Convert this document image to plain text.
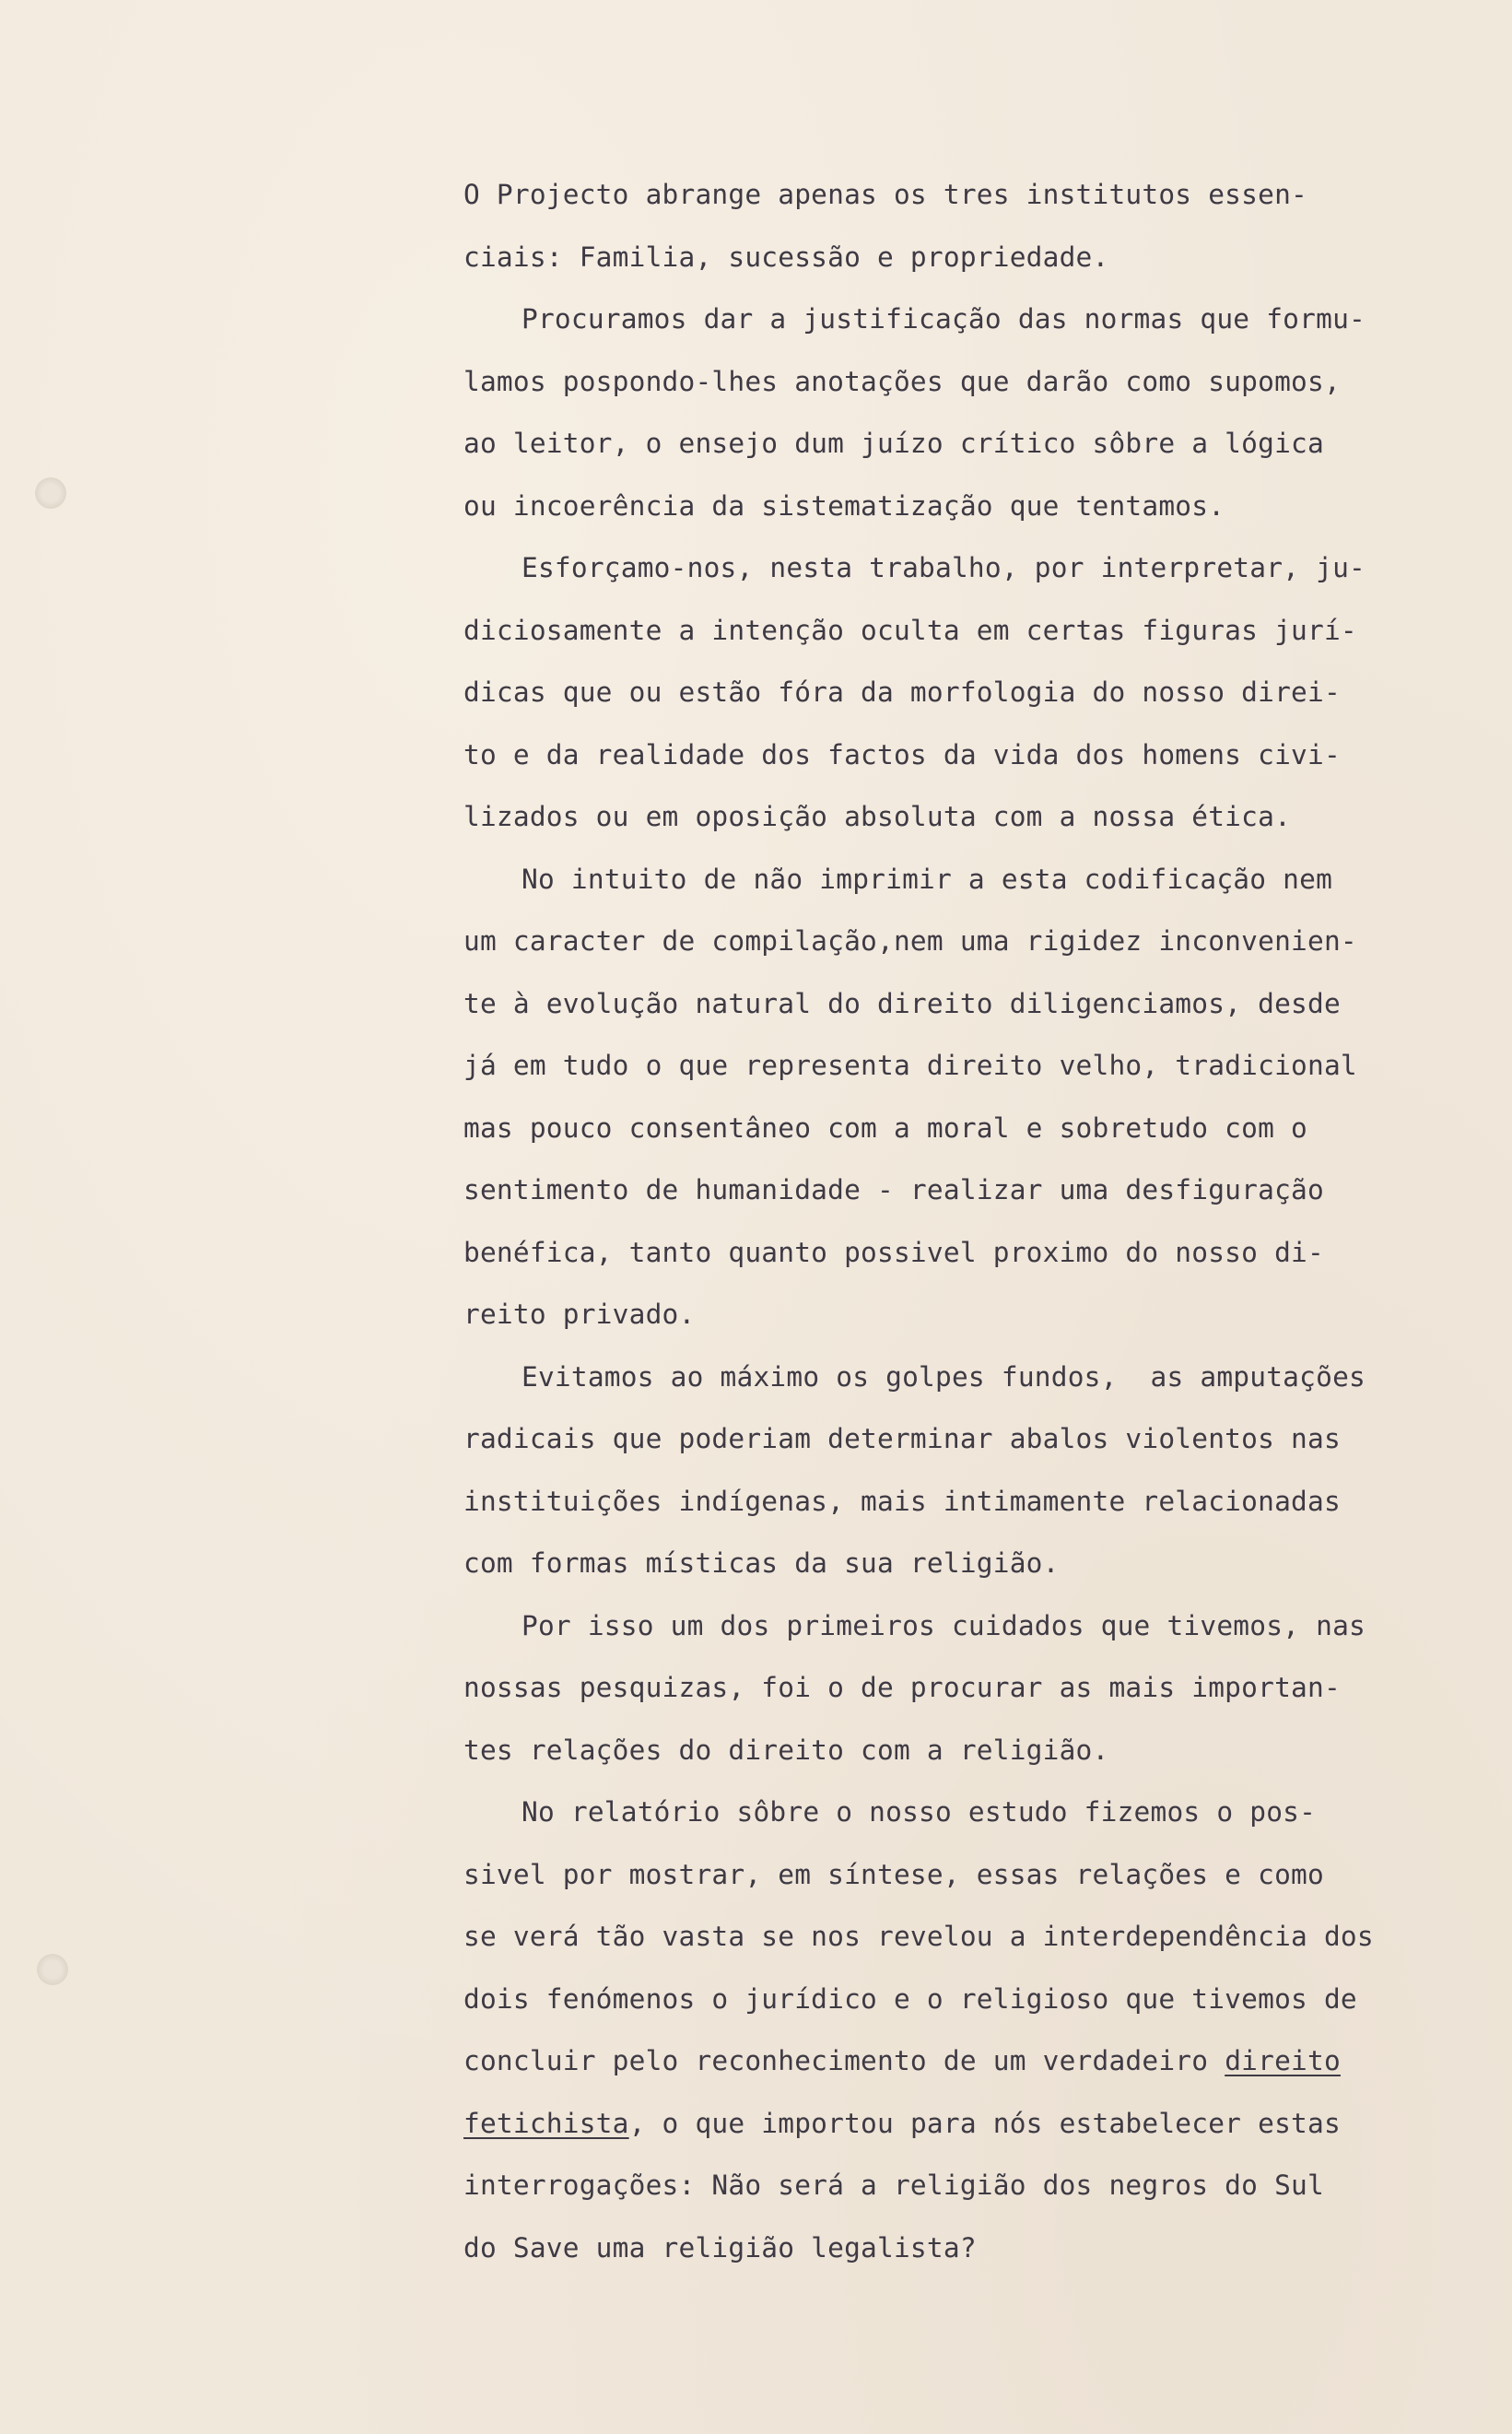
O Projecto abrange apenas os tres institutos essen-
ciais: Familia, sucessão e propriedade.
Procuramos dar a justificação das normas que formu-
lamos pospondo-lhes anotações que darão como supomos,
ao leitor, o ensejo dum juízo crítico sôbre a lógica
ou incoerência da sistematização que tentamos.
Esforçamo-nos, nesta trabalho, por interpretar, ju-
diciosamente a intenção oculta em certas figuras jurí-
dicas que ou estão fóra da morfologia do nosso direi-
to e da realidade dos factos da vida dos homens civi-
lizados ou em oposição absoluta com a nossa ética.
No intuito de não imprimir a esta codificação nem
um caracter de compilação,nem uma rigidez inconvenien-
te à evolução natural do direito diligenciamos, desde
já em tudo o que representa direito velho, tradicional
mas pouco consentâneo com a moral e sobretudo com o
sentimento de humanidade - realizar uma desfiguração
benéfica, tanto quanto possivel proximo do nosso di-
reito privado.
Evitamos ao máximo os golpes fundos,  as amputações
radicais que poderiam determinar abalos violentos nas
instituições indígenas, mais intimamente relacionadas
com formas místicas da sua religião.
Por isso um dos primeiros cuidados que tivemos, nas
nossas pesquizas, foi o de procurar as mais importan-
tes relações do direito com a religião.
No relatório sôbre o nosso estudo fizemos o pos-
sivel por mostrar, em síntese, essas relações e como
se verá tão vasta se nos revelou a interdependência dos
dois fenómenos o jurídico e o religioso que tivemos de
concluir pelo reconhecimento de um verdadeiro direito
fetichista, o que importou para nós estabelecer estas
interrogações: Não será a religião dos negros do Sul
do Save uma religião legalista?
